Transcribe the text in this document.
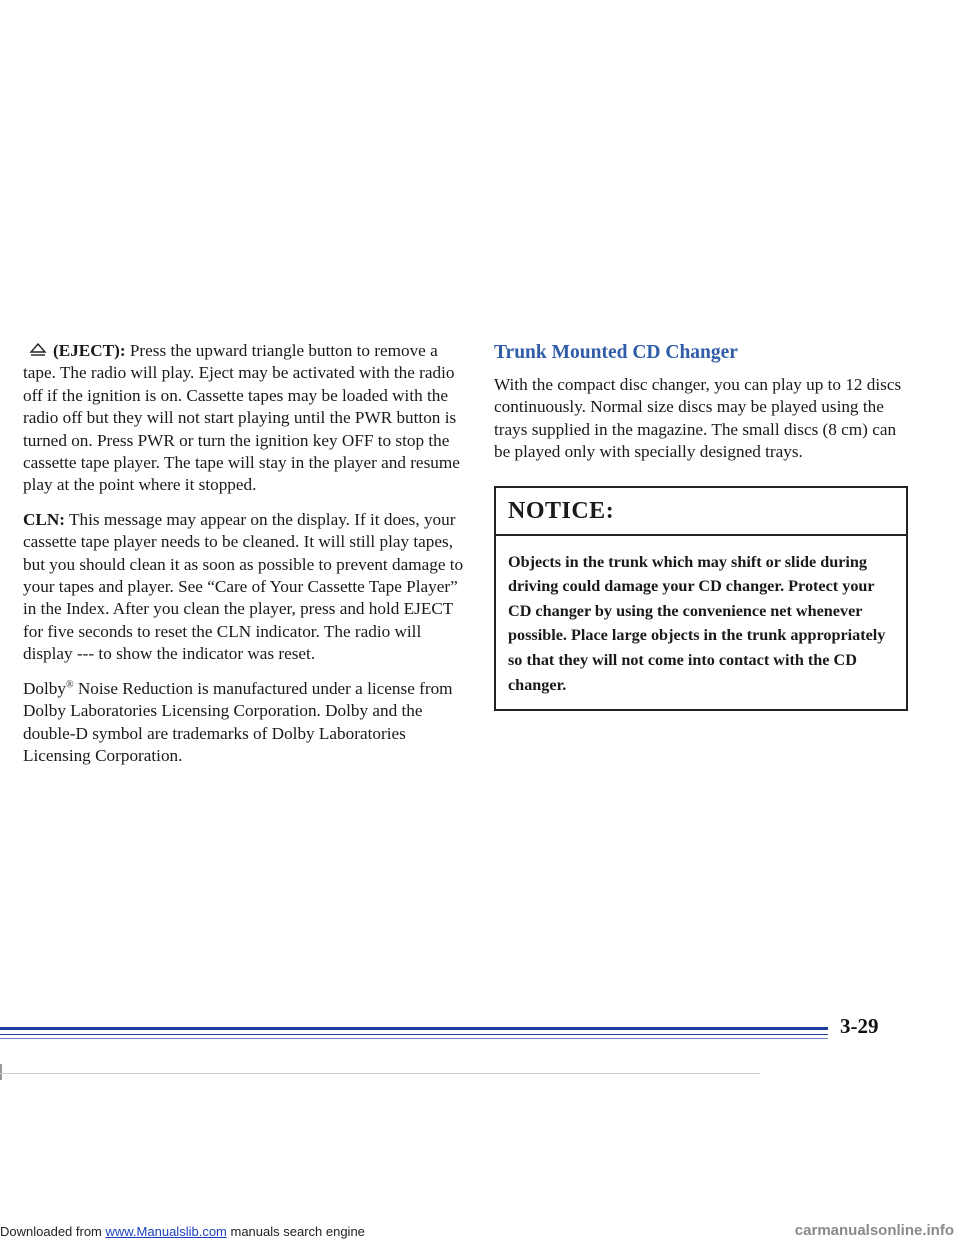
(EJECT): Press the upward triangle button to remove a tape. The radio will play. Eject may be activated with the radio off if the ignition is on. Cassette tapes may be loaded with the radio off but they will not start playing until the PWR button is turned on. Press PWR or turn the ignition key OFF to stop the cassette tape player. The tape will stay in the player and resume play at the point where it stopped.

CLN: This message may appear on the display. If it does, your cassette tape player needs to be cleaned. It will still play tapes, but you should clean it as soon as possible to prevent damage to your tapes and player. See “Care of Your Cassette Tape Player” in the Index. After you clean the player, press and hold EJECT for five seconds to reset the CLN indicator. The radio will display --- to show the indicator was reset.

Dolby® Noise Reduction is manufactured under a license from Dolby Laboratories Licensing Corporation. Dolby and the double-D symbol are trademarks of Dolby Laboratories Licensing Corporation.

Trunk Mounted CD Changer

With the compact disc changer, you can play up to 12 discs continuously. Normal size discs may be played using the trays supplied in the magazine. The small discs (8 cm) can be played only with specially designed trays.

NOTICE:
Objects in the trunk which may shift or slide during driving could damage your CD changer. Protect your CD changer by using the convenience net whenever possible. Place large objects in the trunk appropriately so that they will not come into contact with the CD changer.
3-29
Downloaded from www.Manualslib.com manuals search engine	carmanualsonline.info
